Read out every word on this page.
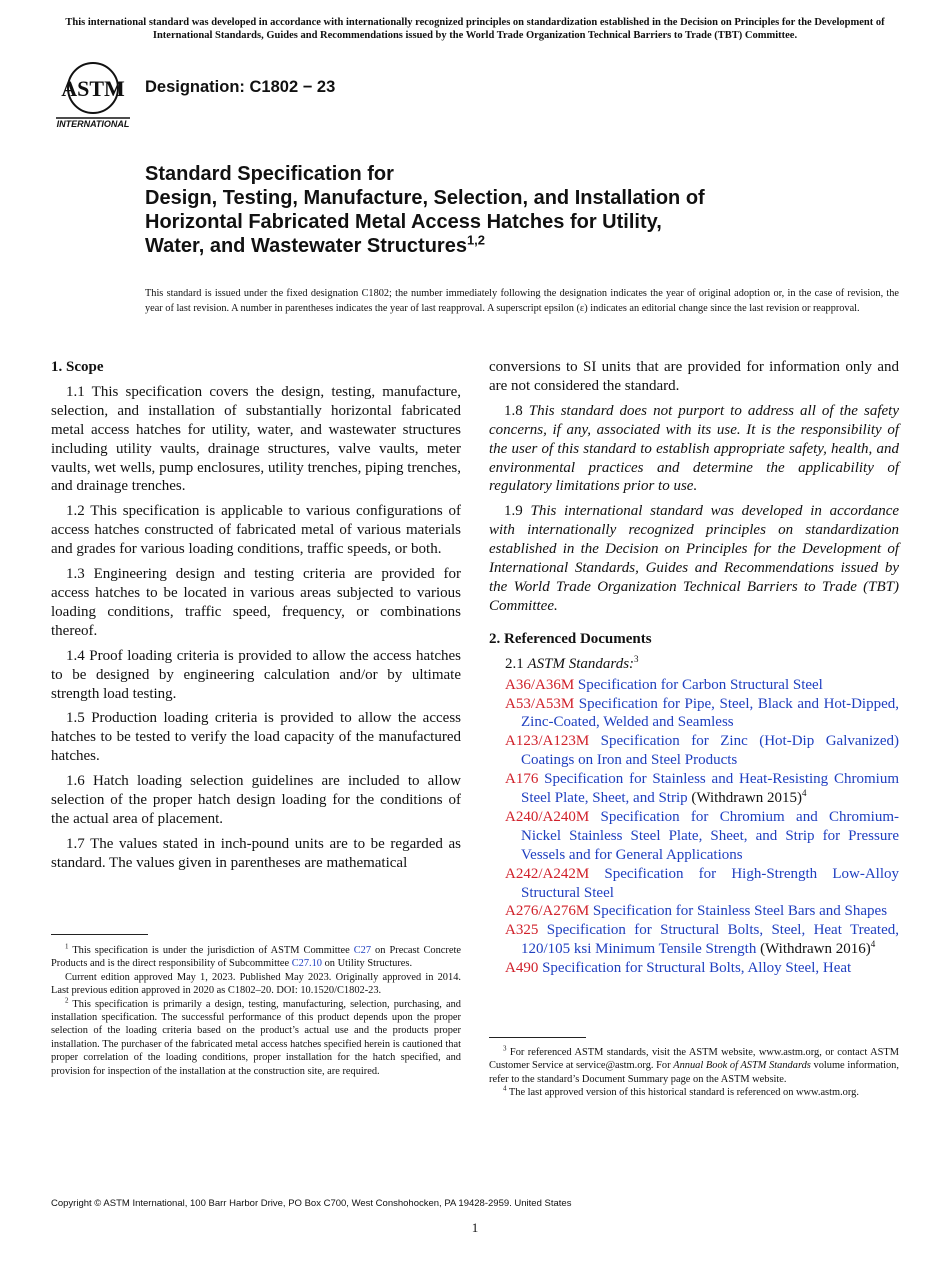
This international standard was developed in accordance with internationally recognized principles on standardization established in the Decision on Principles for the Development of International Standards, Guides and Recommendations issued by the World Trade Organization Technical Barriers to Trade (TBT) Committee.
ASTM
INTERNATIONAL
Designation: C1802 − 23
Standard Specification for
Design, Testing, Manufacture, Selection, and Installation of
Horizontal Fabricated Metal Access Hatches for Utility,
Water, and Wastewater Structures$^{1,2}$
This standard is issued under the fixed designation C1802; the number immediately following the designation indicates the year of original adoption or, in the case of revision, the year of last revision. A number in parentheses indicates the year of last reapproval. A superscript epsilon (ε) indicates an editorial change since the last revision or reapproval.
1. Scope

1.1 This specification covers the design, testing, manufacture, selection, and installation of substantially horizontal fabricated metal access hatches for utility, water, and wastewater structures including utility vaults, drainage structures, valve vaults, meter vaults, wet wells, pump enclosures, utility trenches, piping trenches, and drainage trenches.

1.2 This specification is applicable to various configurations of access hatches constructed of fabricated metal of various materials and grades for various loading conditions, traffic speeds, or both.

1.3 Engineering design and testing criteria are provided for access hatches to be located in various areas subjected to various loading conditions, traffic speed, frequency, or combinations thereof.

1.4 Proof loading criteria is provided to allow the access hatches to be designed by engineering calculation and/or by ultimate strength load testing.

1.5 Production loading criteria is provided to allow the access hatches to be tested to verify the load capacity of the manufactured hatches.

1.6 Hatch loading selection guidelines are included to allow selection of the proper hatch design loading for the conditions of the actual area of placement.

1.7 The values stated in inch-pound units are to be regarded as standard. The values given in parentheses are mathematical

conversions to SI units that are provided for information only and are not considered the standard.

1.8 This standard does not purport to address all of the safety concerns, if any, associated with its use. It is the responsibility of the user of this standard to establish appropriate safety, health, and environmental practices and determine the applicability of regulatory limitations prior to use.

1.9 This international standard was developed in accordance with internationally recognized principles on standardization established in the Decision on Principles for the Development of International Standards, Guides and Recommendations issued by the World Trade Organization Technical Barriers to Trade (TBT) Committee.

2. Referenced Documents
2.1 ASTM Standards:$^3$
A36/A36M Specification for Carbon Structural Steel
A53/A53M Specification for Pipe, Steel, Black and Hot-Dipped, Zinc-Coated, Welded and Seamless
A123/A123M Specification for Zinc (Hot-Dip Galvanized) Coatings on Iron and Steel Products
A176 Specification for Stainless and Heat-Resisting Chromium Steel Plate, Sheet, and Strip (Withdrawn 2015)$^4$
A240/A240M Specification for Chromium and Chromium-Nickel Stainless Steel Plate, Sheet, and Strip for Pressure Vessels and for General Applications
A242/A242M Specification for High-Strength Low-Alloy Structural Steel
A276/A276M Specification for Stainless Steel Bars and Shapes
A325 Specification for Structural Bolts, Steel, Heat Treated, 120/105 ksi Minimum Tensile Strength (Withdrawn 2016)$^4$
A490 Specification for Structural Bolts, Alloy Steel, Heat

$^1$ This specification is under the jurisdiction of ASTM Committee C27 on Precast Concrete Products and is the direct responsibility of Subcommittee C27.10 on Utility Structures.

Current edition approved May 1, 2023. Published May 2023. Originally approved in 2014. Last previous edition approved in 2020 as C1802–20. DOI: 10.1520/C1802-23.

$^2$ This specification is primarily a design, testing, manufacturing, selection, purchasing, and installation specification. The successful performance of this product depends upon the proper selection of the loading criteria based on the product’s actual use and the products proper installation. The purchaser of the fabricated metal access hatches specified herein is cautioned that proper correlation of the loading conditions, proper installation for the hatch specified, and provision for inspection of the installation at the construction site, are required.

$^3$ For referenced ASTM standards, visit the ASTM website, www.astm.org, or contact ASTM Customer Service at service@astm.org. For Annual Book of ASTM Standards volume information, refer to the standard’s Document Summary page on the ASTM website.

$^4$ The last approved version of this historical standard is referenced on www.astm.org.

Copyright © ASTM International, 100 Barr Harbor Drive, PO Box C700, West Conshohocken, PA 19428-2959. United States
1
